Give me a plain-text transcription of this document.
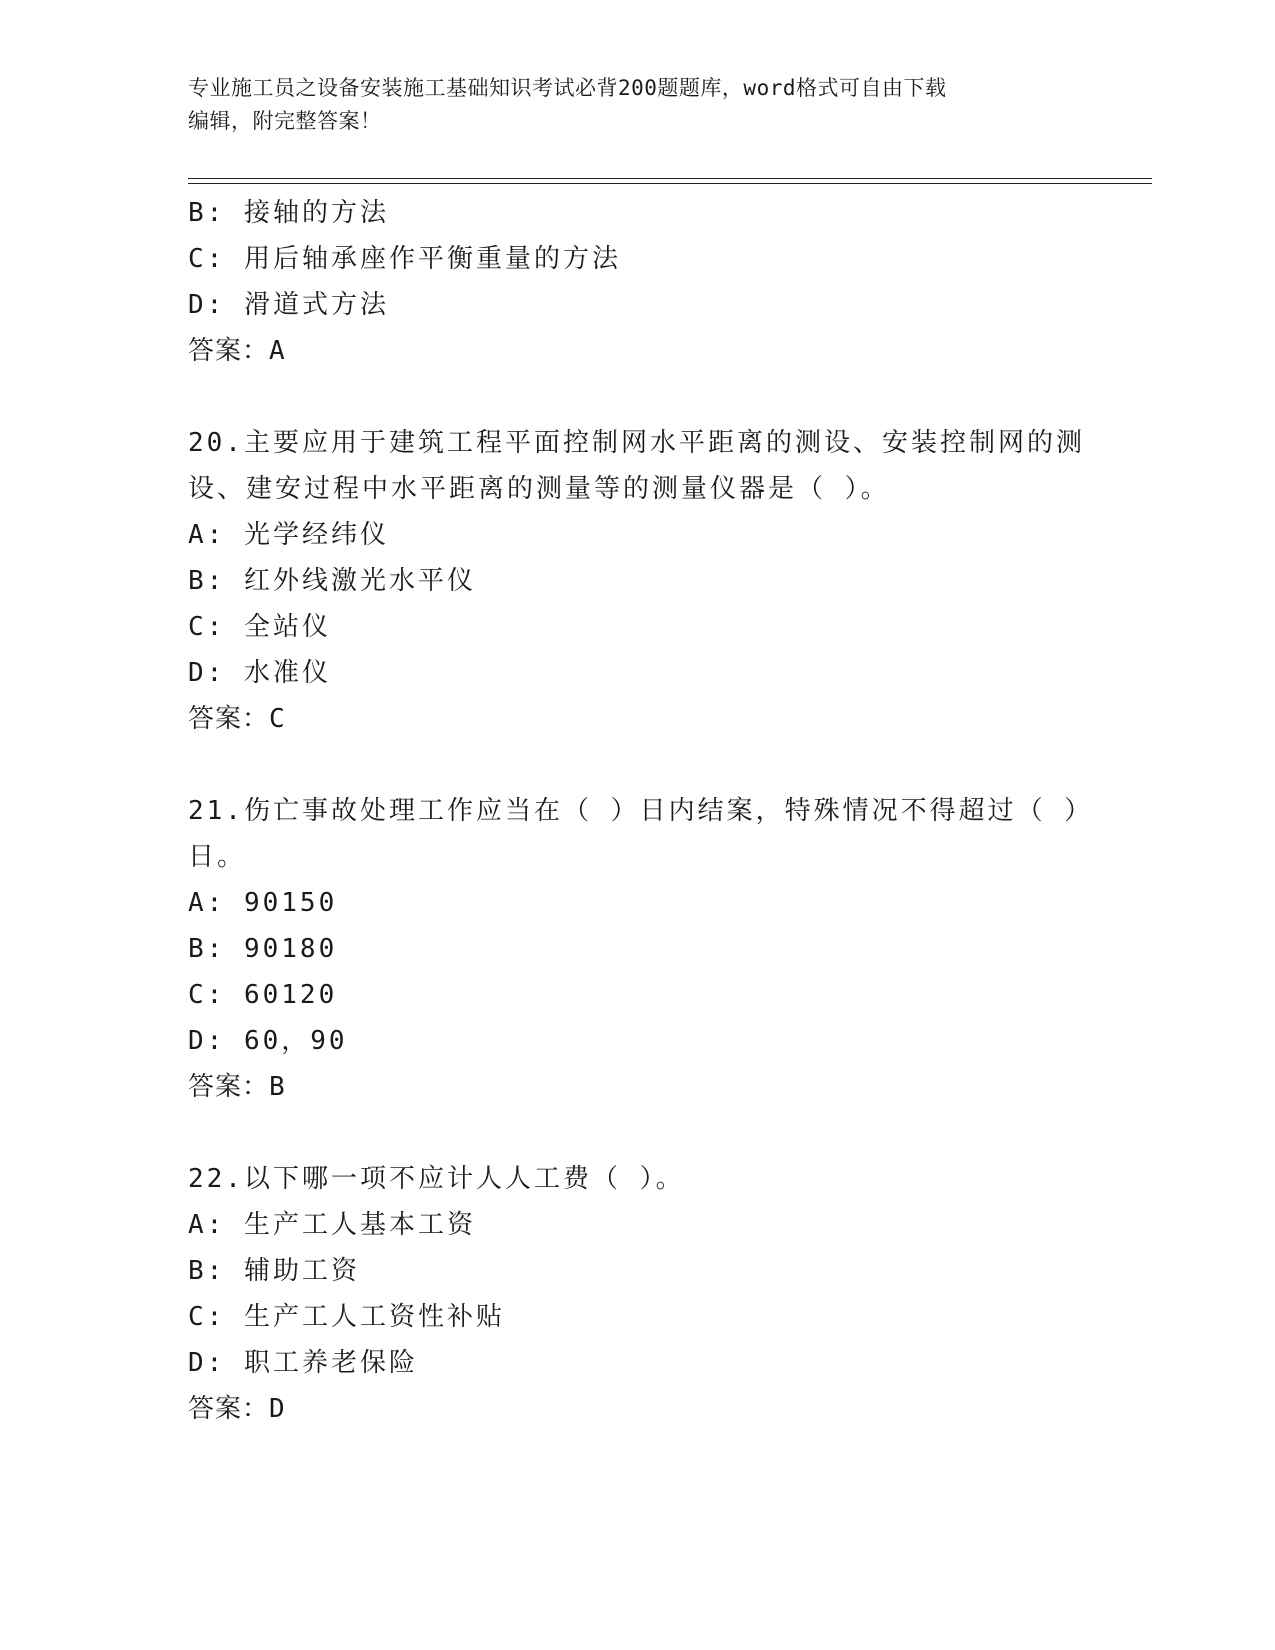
专业施工员之设备安装施工基础知识考试必背200题题库，word格式可自由下载
编辑，附完整答案！
B: 接轴的方法
C: 用后轴承座作平衡重量的方法
D: 滑道式方法
答案：A
20.主要应用于建筑工程平面控制网水平距离的测设、安装控制网的测设、建安过程中水平距离的测量等的测量仪器是（ ）。
A: 光学经纬仪
B: 红外线激光水平仪
C: 全站仪
D: 水准仪
答案：C
21.伤亡事故处理工作应当在（ ）日内结案，特殊情况不得超过（ ）日。
A: 90150
B: 90180
C: 60120
D: 60，90
答案：B
22.以下哪一项不应计人人工费（ ）。
A: 生产工人基本工资
B: 辅助工资
C: 生产工人工资性补贴
D: 职工养老保险
答案：D
